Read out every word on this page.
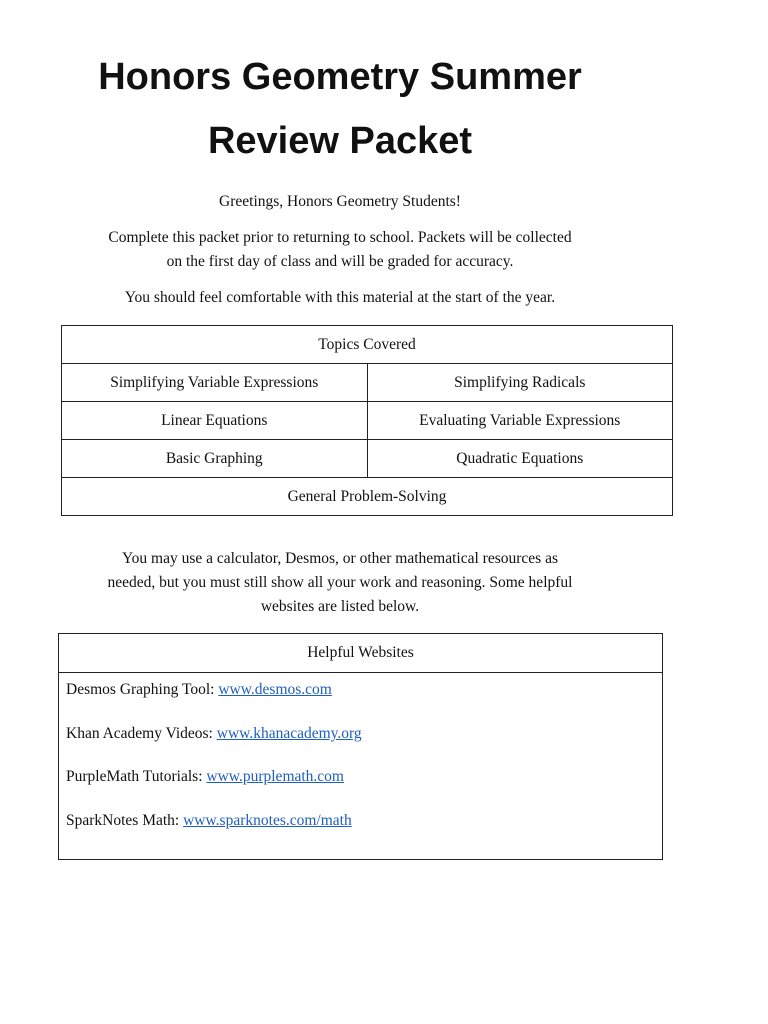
Honors Geometry Summer
Review Packet

Greetings, Honors Geometry Students!

Complete this packet prior to returning to school. Packets will be collected
on the first day of class and will be graded for accuracy.

You should feel comfortable with this material at the start of the year.

Topics Covered	
Simplifying Variable Expressions	Simplifying Radicals
Linear Equations	Evaluating Variable Expressions
Basic Graphing	Quadratic Equations
General Problem-Solving	

You may use a calculator, Desmos, or other mathematical resources as
needed, but you must still show all your work and reasoning. Some helpful
websites are listed below.

Helpful Websites
Desmos Graphing Tool: www.desmos.com
Khan Academy Videos: www.khanacademy.org
PurpleMath Tutorials: www.purplemath.com
SparkNotes Math: www.sparknotes.com/math
